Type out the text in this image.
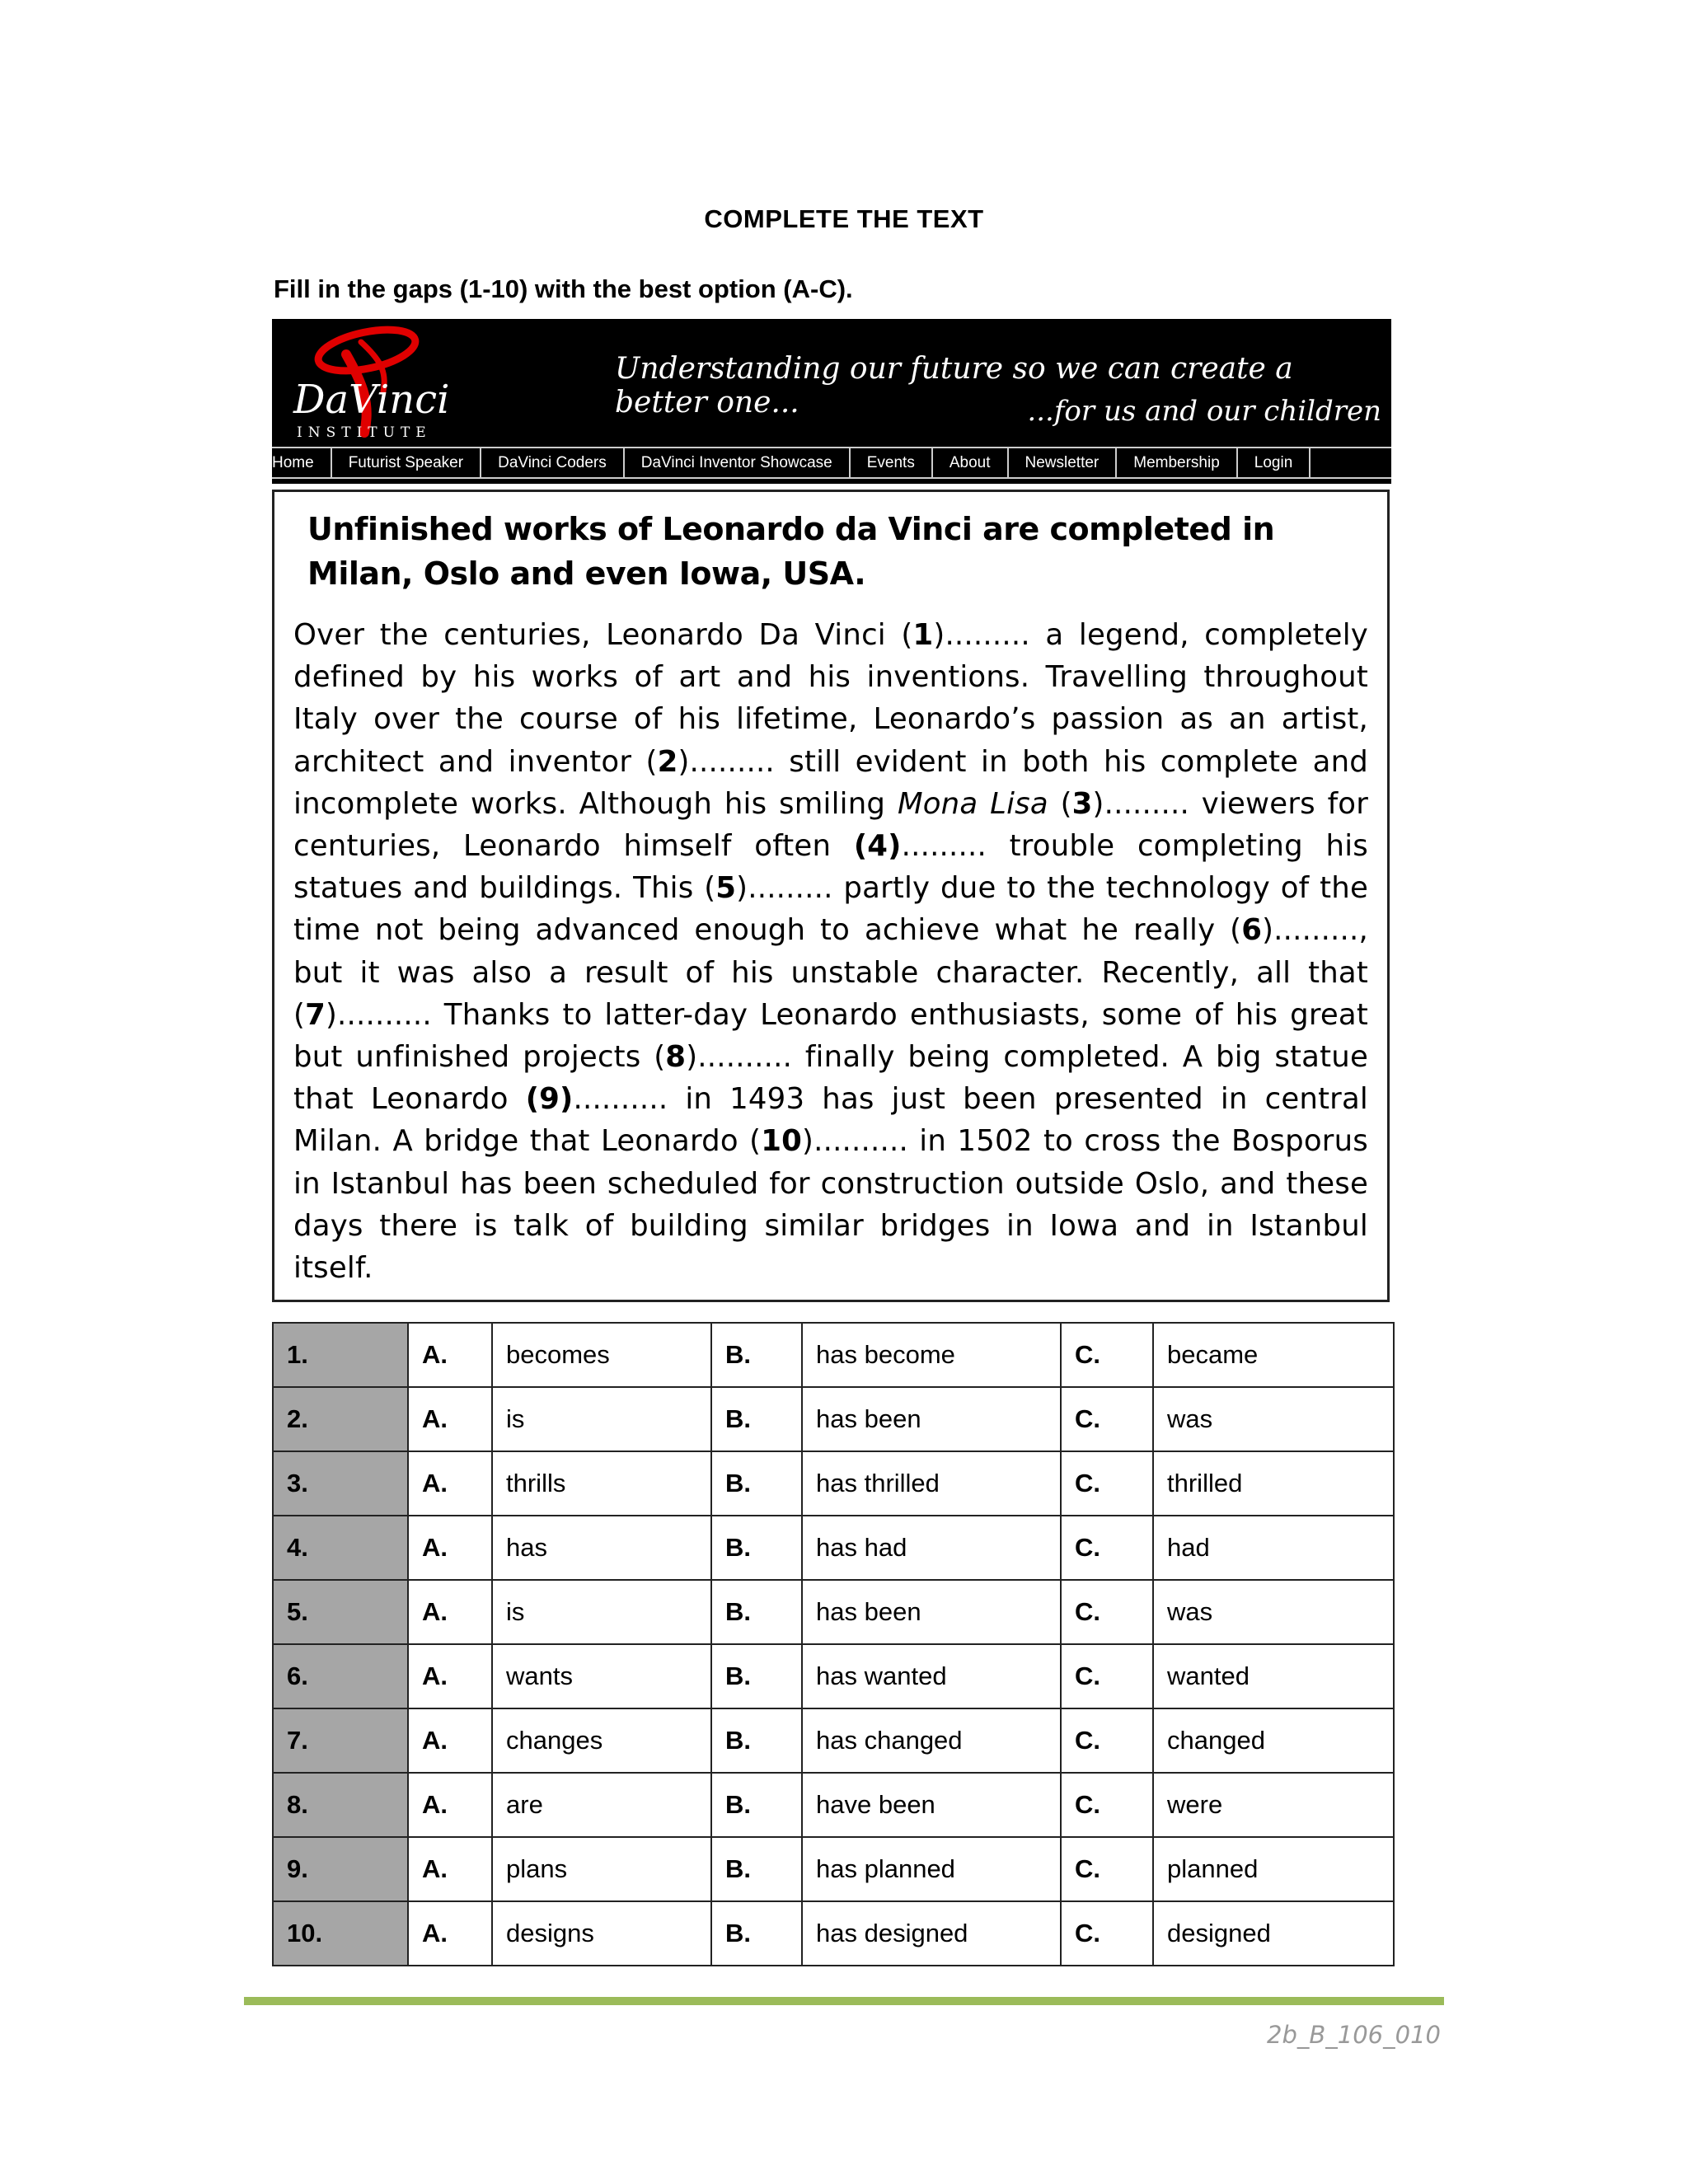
COMPLETE THE TEXT
Fill in the gaps (1-10) with the best option (A-C).
DaVinci
INSTITUTE
Understanding our future so we can create a better one...	...for us and our children
Home	Futurist Speaker	DaVinci Coders	DaVinci Inventor Showcase	Events	About	Newsletter	Membership	Login
Unfinished works of Leonardo da Vinci are completed in Milan, Oslo and even Iowa, USA.
Over the centuries, Leonardo Da Vinci (1)......... a legend, completely defined by his works of art and his inventions. Travelling throughout Italy over the course of his lifetime, Leonardo’s passion as an artist, architect and inventor (2)......... still evident in both his complete and incomplete works. Although his smiling Mona Lisa (3)......... viewers for centuries, Leonardo himself often (4)......... trouble completing his statues and buildings. This (5)......... partly due to the technology of the time not being advanced enough to achieve what he really (6)........., but it was also a result of his unstable character. Recently, all that (7).......... Thanks to latter-day Leonardo enthusiasts, some of his great but unfinished projects (8).......... finally being completed. A big statue that Leonardo (9).......... in 1493 has just been presented in central Milan. A bridge that Leonardo (10).......... in 1502 to cross the Bosporus in Istanbul has been scheduled for construction outside Oslo, and these days there is talk of building similar bridges in Iowa and in Istanbul itself.
1.	A.	becomes	B.	has become	C.	became
2.	A.	is	B.	has been	C.	was
3.	A.	thrills	B.	has thrilled	C.	thrilled
4.	A.	has	B.	has had	C.	had
5.	A.	is	B.	has been	C.	was
6.	A.	wants	B.	has wanted	C.	wanted
7.	A.	changes	B.	has changed	C.	changed
8.	A.	are	B.	have been	C.	were
9.	A.	plans	B.	has planned	C.	planned
10.	A.	designs	B.	has designed	C.	designed
2b_B_106_010
